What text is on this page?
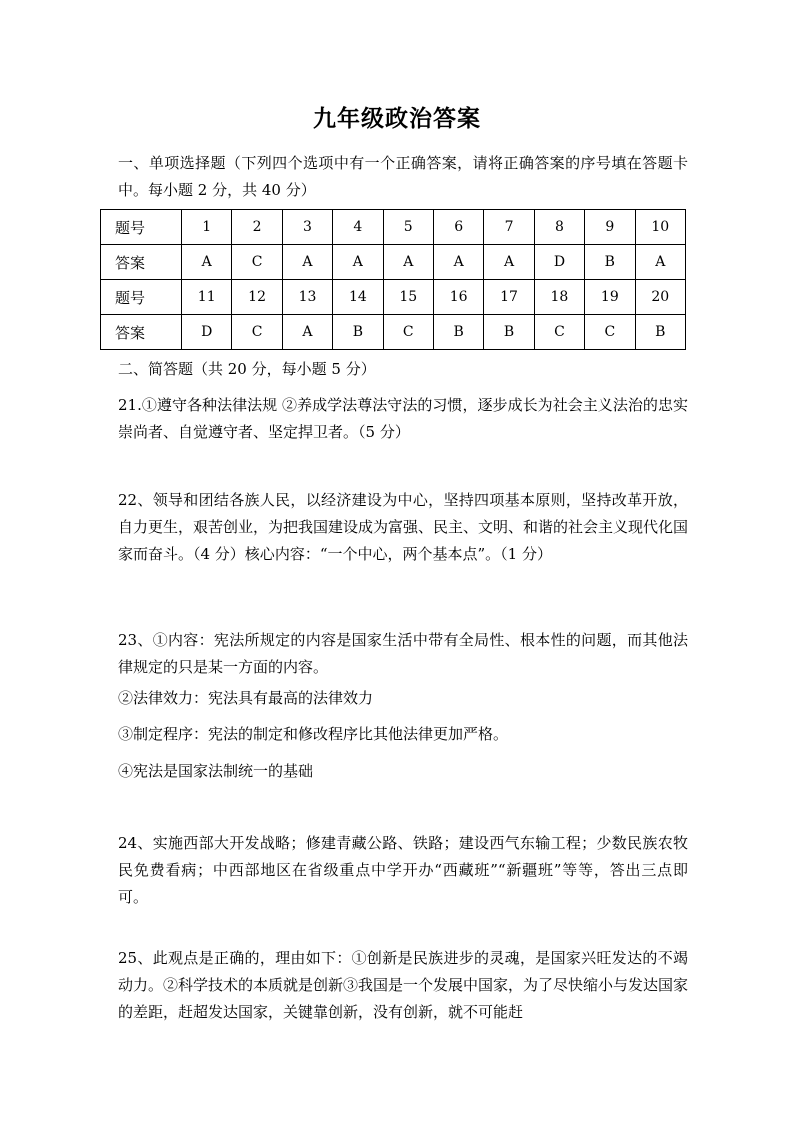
九年级政治答案
一、单项选择题（下列四个选项中有一个正确答案，请将正确答案的序号填在答题卡中。每小题 2 分，共 40 分）
题号	1	2	3	4	5	6	7	8	9	10
答案	A	C	A	A	A	A	A	D	B	A
题号	11	12	13	14	15	16	17	18	19	20
答案	D	C	A	B	C	B	B	C	C	B
二、简答题（共 20 分，每小题 5 分）
21.①遵守各种法律法规 ②养成学法尊法守法的习惯，逐步成长为社会主义法治的忠实崇尚者、自觉遵守者、坚定捍卫者。（5 分）
22、领导和团结各族人民，以经济建设为中心，坚持四项基本原则，坚持改革开放，自力更生，艰苦创业，为把我国建设成为富强、民主、文明、和谐的社会主义现代化国家而奋斗。（4 分）核心内容：“一个中心，两个基本点”。（1 分）
23、①内容：宪法所规定的内容是国家生活中带有全局性、根本性的问题，而其他法律规定的只是某一方面的内容。
②法律效力：宪法具有最高的法律效力
③制定程序：宪法的制定和修改程序比其他法律更加严格。
④宪法是国家法制统一的基础
24、实施西部大开发战略；修建青藏公路、铁路；建设西气东输工程；少数民族农牧民免费看病；中西部地区在省级重点中学开办“西藏班”“新疆班”等等，答出三点即可。
25、此观点是正确的，理由如下：①创新是民族进步的灵魂，是国家兴旺发达的不竭动力。②科学技术的本质就是创新③我国是一个发展中国家，为了尽快缩小与发达国家的差距，赶超发达国家，关键靠创新，没有创新，就不可能赶
